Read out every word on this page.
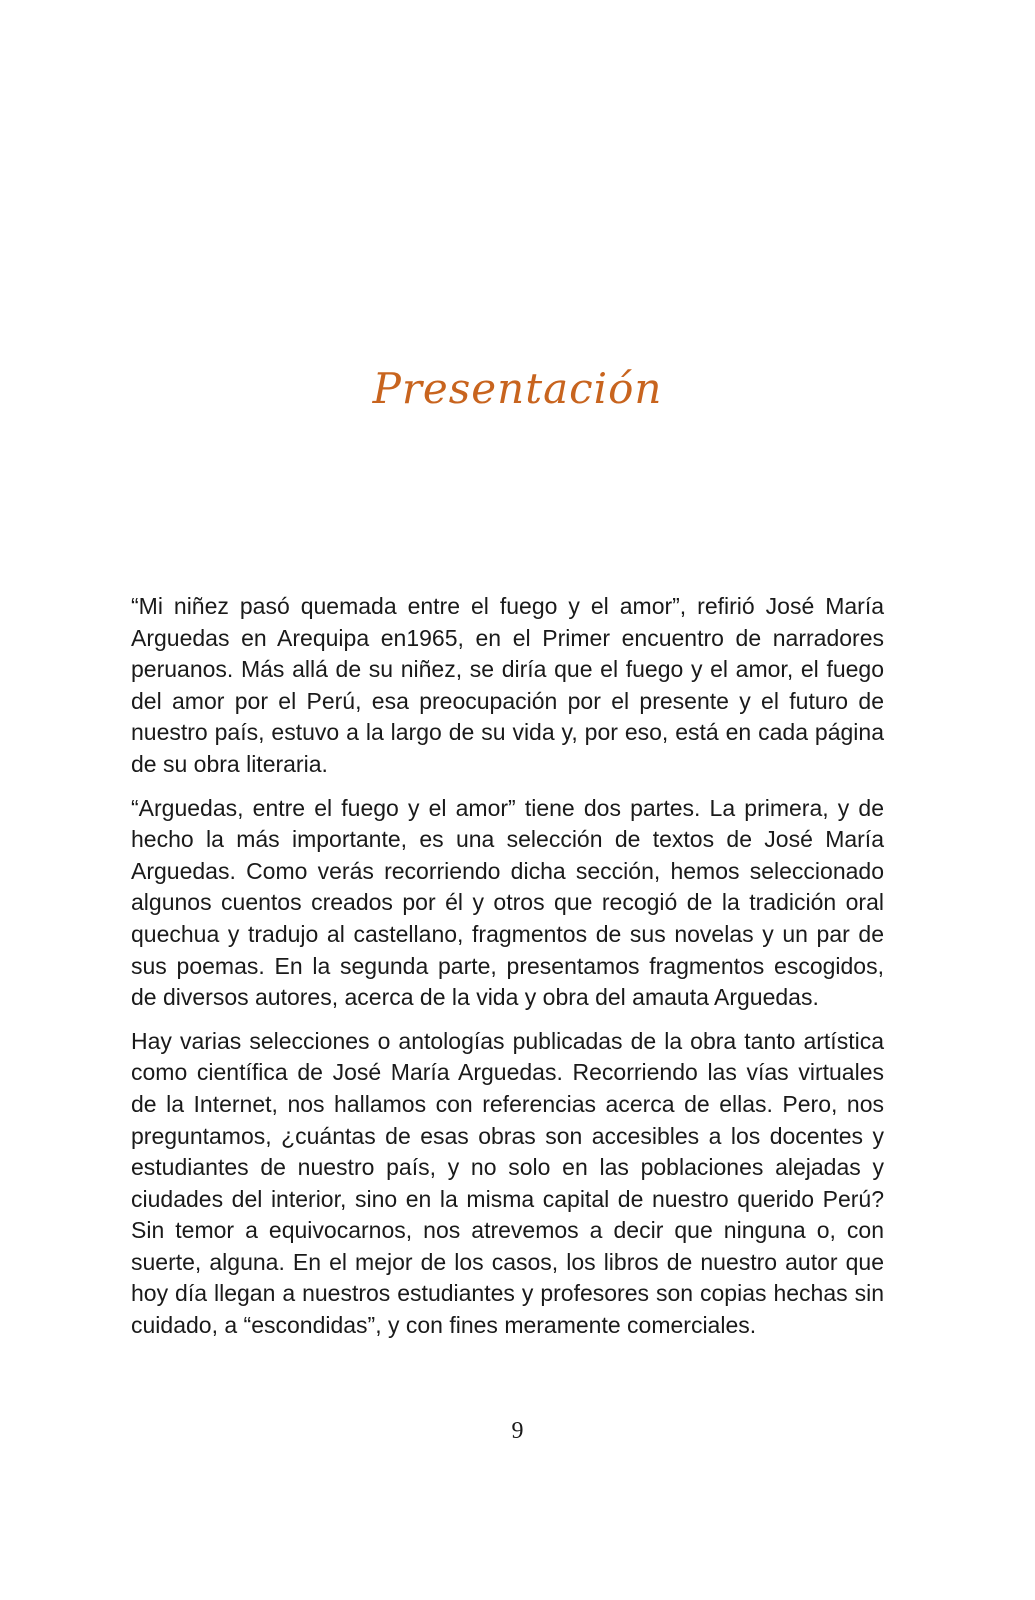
Presentación

“Mi niñez pasó quemada entre el fuego y el amor”, refirió José María Arguedas en Arequipa en1965, en el Primer encuentro de narradores peruanos. Más allá de su niñez, se diría que el fuego y el amor, el fuego del amor por el Perú, esa preocupación por el presente y el futuro de nuestro país, estuvo a la largo de su vida y, por eso, está en cada página de su obra literaria.

“Arguedas, entre el fuego y el amor” tiene dos partes. La primera, y de hecho la más importante, es una selección de textos de José María Arguedas. Como verás recorriendo dicha sección, hemos seleccionado algunos cuentos creados por él y otros que recogió de la tradición oral quechua y tradujo al castellano, fragmentos de sus novelas y un par de sus poemas. En la segunda parte, presentamos fragmentos escogidos, de diversos autores, acerca de la vida y obra del amauta Arguedas.

Hay varias selecciones o antologías publicadas de la obra tanto artística como científica de José María Arguedas. Recorriendo las vías virtuales de la Internet, nos hallamos con referencias acerca de ellas. Pero, nos preguntamos, ¿cuántas de esas obras son accesibles a los docentes y estudiantes de nuestro país, y no solo en las poblaciones alejadas y ciudades del interior, sino en la misma capital de nuestro querido Perú? Sin temor a equivocarnos, nos atrevemos a decir que ninguna o, con suerte, alguna. En el mejor de los casos, los libros de nuestro autor que hoy día llegan a nuestros estudiantes y profesores son copias hechas sin cuidado, a “escondidas”, y con fines meramente comerciales.

9
